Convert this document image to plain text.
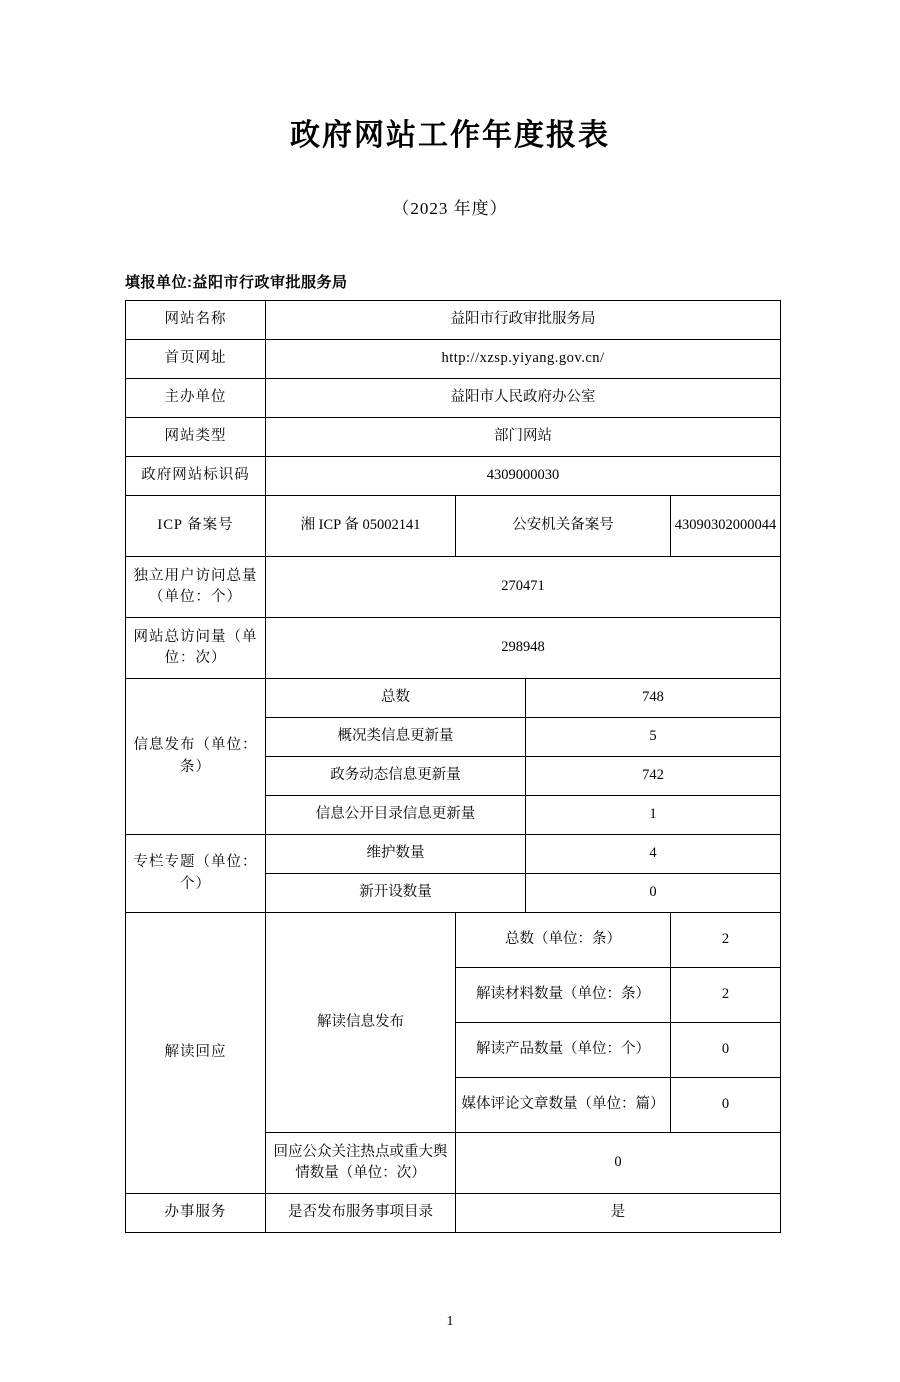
政府网站工作年度报表
（2023 年度）
填报单位:益阳市行政审批服务局
网站名称	益阳市行政审批服务局			
首页网址	http://xzsp.yiyang.gov.cn/			
主办单位	益阳市人民政府办公室			
网站类型	部门网站			
政府网站标识码	4309000030			
ICP 备案号	湘 ICP 备 05002141	公安机关备案号		43090302000044
独立用户访问总量（单位：个）	270471			
网站总访问量（单位：次）	298948			
信息发布（单位：条）	总数		748	
	概况类信息更新量		5	
	政务动态信息更新量		742	
	信息公开目录信息更新量		1	
专栏专题（单位：个）	维护数量		4	
	新开设数量		0	
解读回应	解读信息发布	总数（单位：条）		2
		解读材料数量（单位：条）		2
		解读产品数量（单位：个）		0
		媒体评论文章数量（单位：篇）		0
	回应公众关注热点或重大舆情数量（单位：次）	0		
办事服务	是否发布服务事项目录	是		
1
